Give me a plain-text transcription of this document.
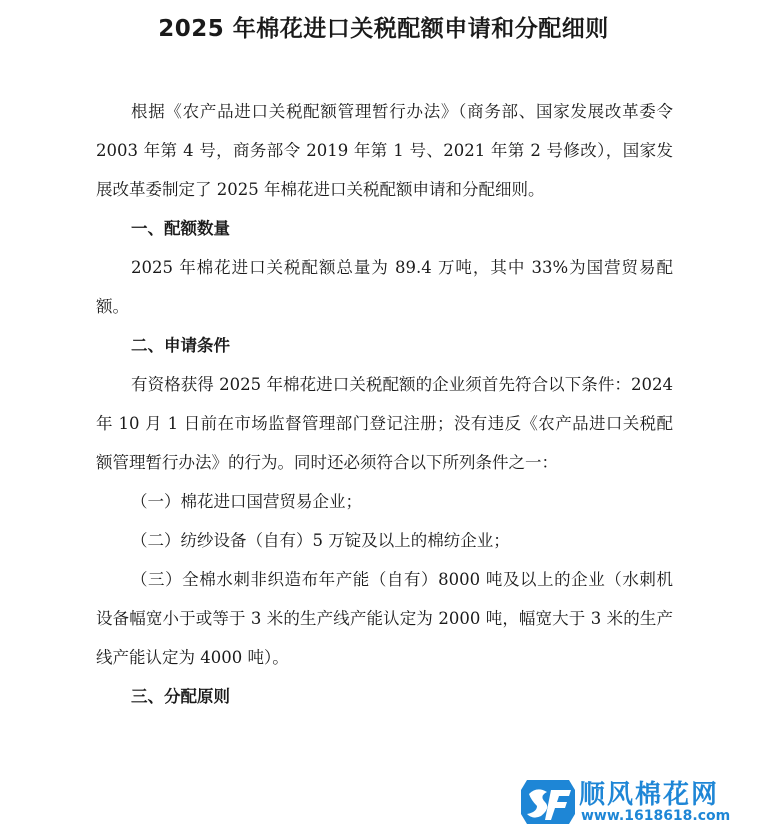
2025 年棉花进口关税配额申请和分配细则

根据《农产品进口关税配额管理暂行办法》（商务部、国家发展改革委令 2003 年第 4 号，商务部令 2019 年第 1 号、2021 年第 2 号修改），国家发展改革委制定了 2025 年棉花进口关税配额申请和分配细则。

一、配额数量

2025 年棉花进口关税配额总量为 89.4 万吨，其中 33%为国营贸易配额。

二、申请条件

有资格获得 2025 年棉花进口关税配额的企业须首先符合以下条件：2024 年 10 月 1 日前在市场监督管理部门登记注册；没有违反《农产品进口关税配额管理暂行办法》的行为。同时还必须符合以下所列条件之一：

（一）棉花进口国营贸易企业；

（二）纺纱设备（自有）5 万锭及以上的棉纺企业；

（三）全棉水刺非织造布年产能（自有）8000 吨及以上的企业（水刺机设备幅宽小于或等于 3 米的生产线产能认定为 2000 吨，幅宽大于 3 米的生产线产能认定为 4000 吨）。

三、分配原则

顺风棉花网
www.1618618.com
